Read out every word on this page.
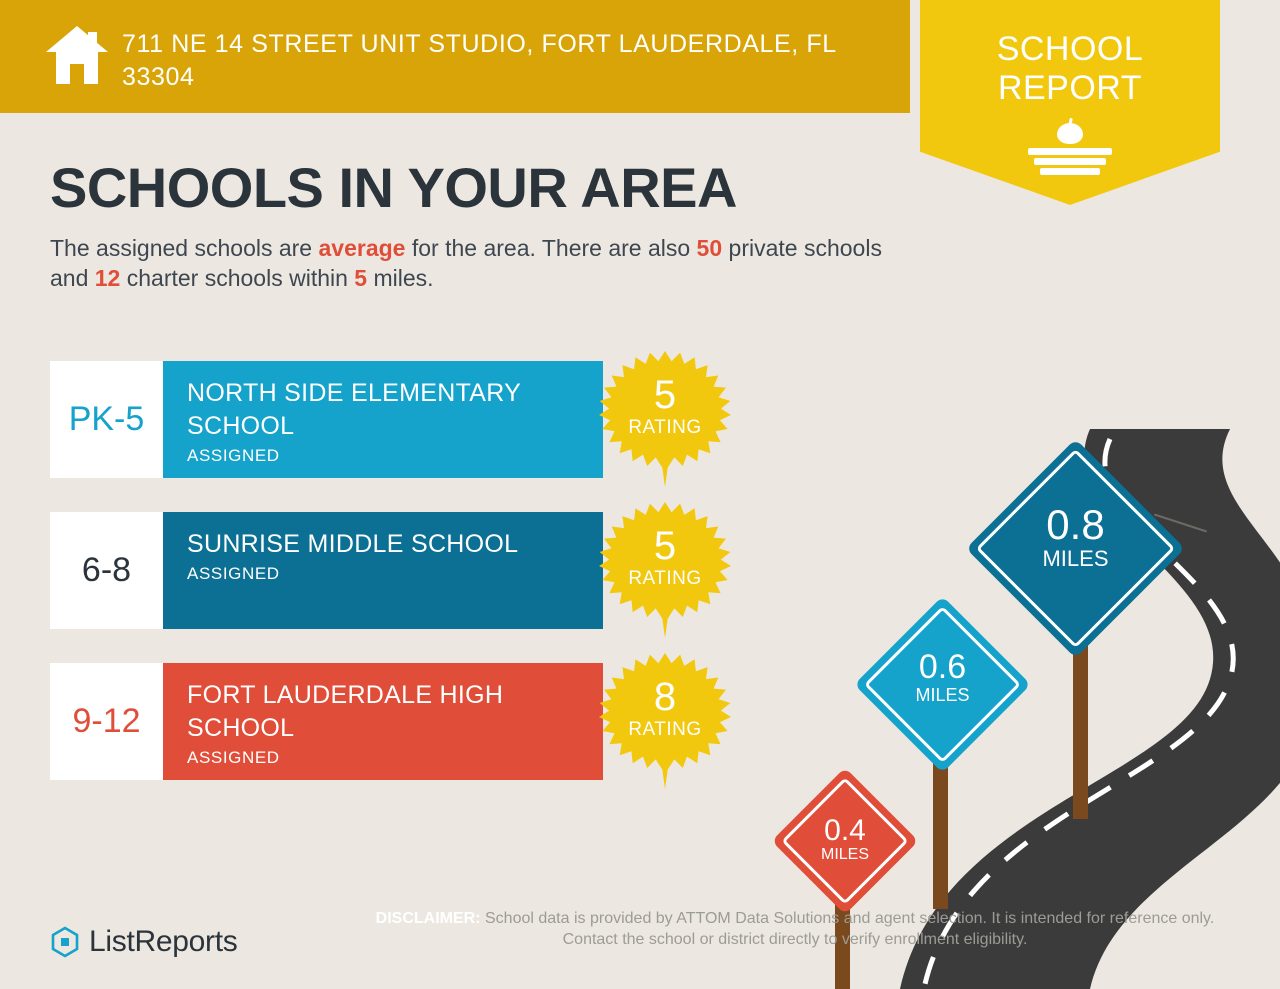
711 NE 14 STREET UNIT STUDIO, FORT LAUDERDALE, FL 33304
SCHOOL
REPORT
SCHOOLS IN YOUR AREA
The assigned schools are average for the area. There are also 50 private schools and 12 charter schools within 5 miles.
PK-5
NORTH SIDE ELEMENTARY SCHOOL
ASSIGNED
5
RATING
6-8
SUNRISE MIDDLE SCHOOL
ASSIGNED
5
RATING
9-12
FORT LAUDERDALE HIGH SCHOOL
ASSIGNED
8
RATING
0.8
MILES
0.6
MILES
0.4
MILES
ListReports
DISCLAIMER: School data is provided by ATTOM Data Solutions and agent selection. It is intended for reference only. Contact the school or district directly to verify enrollment eligibility.
